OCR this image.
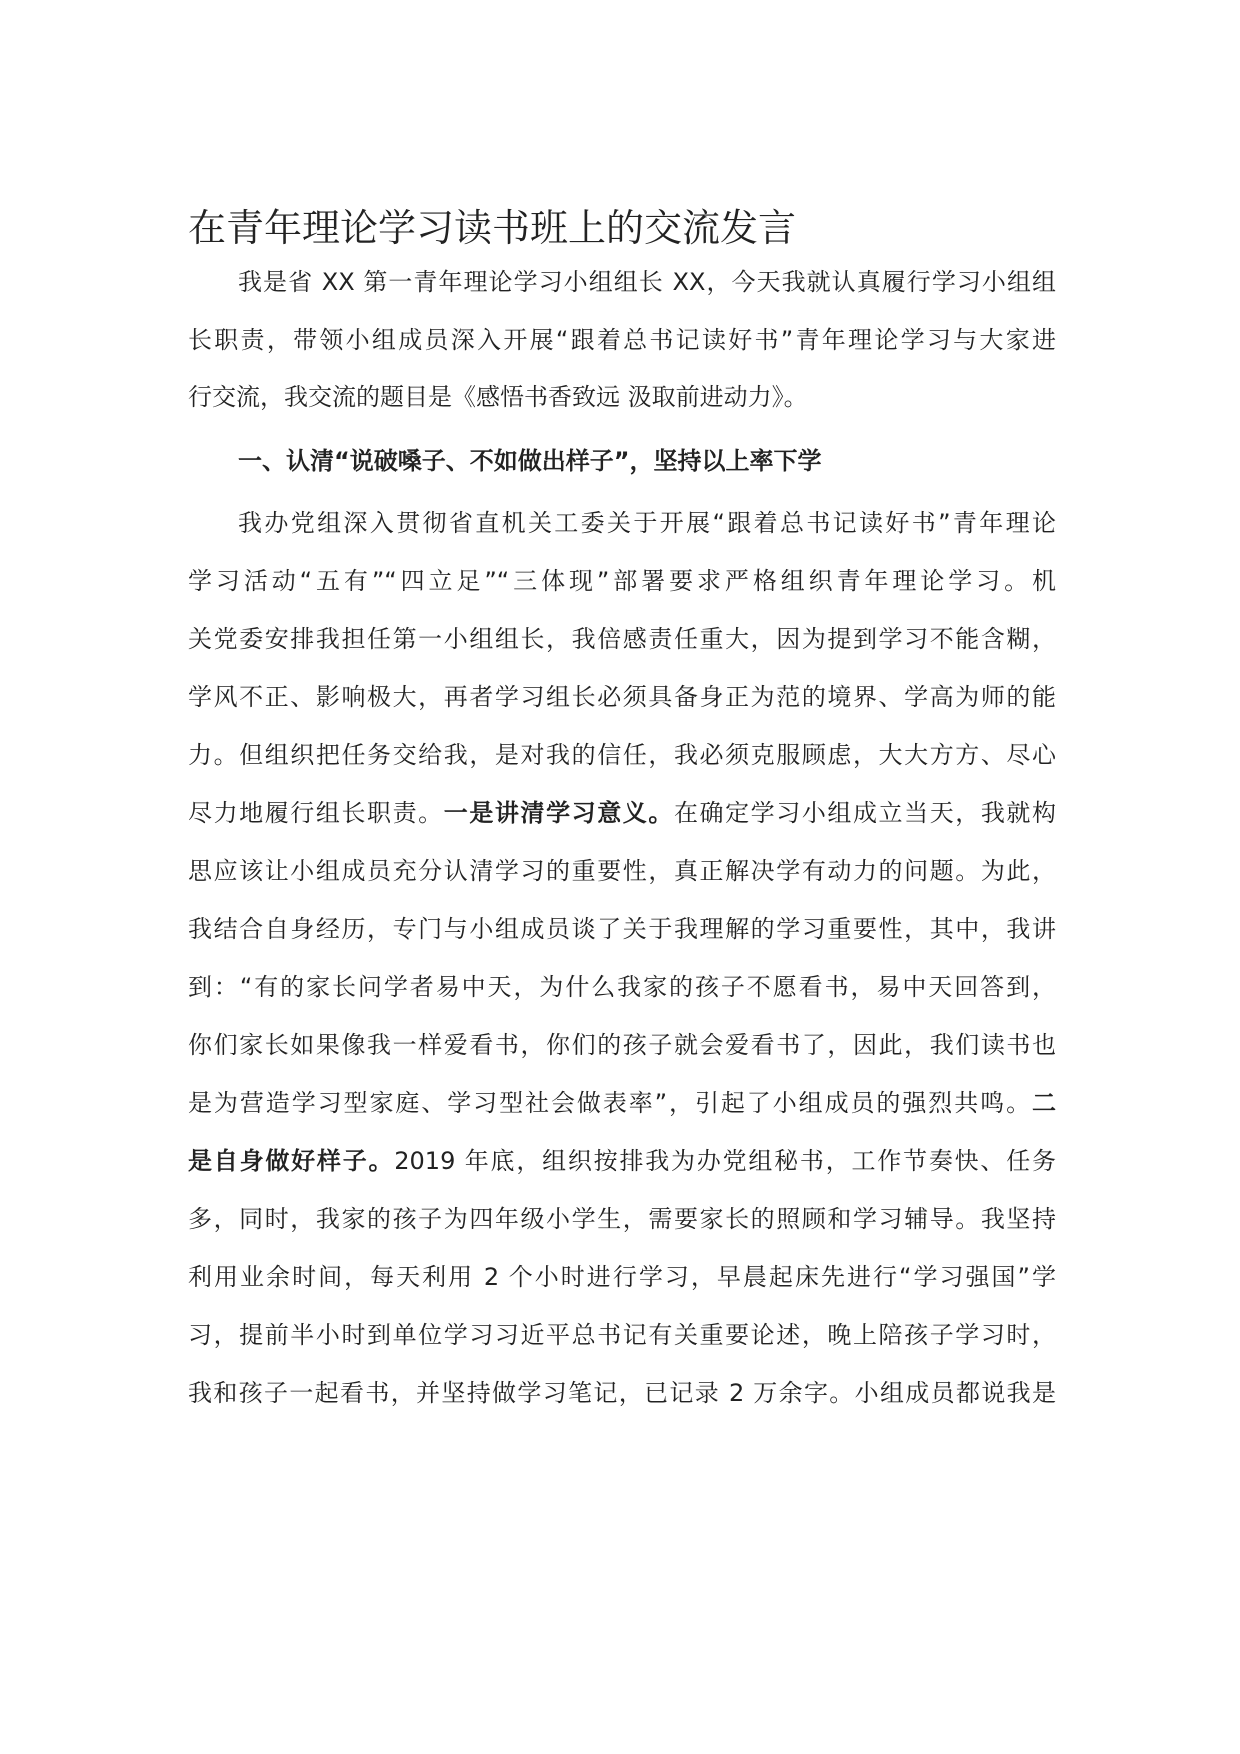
在青年理论学习读书班上的交流发言
我是省 XX 第一青年理论学习小组组长 XX，今天我就认真履行学习小组组
长职责，带领小组成员深入开展“跟着总书记读好书”青年理论学习与大家进
行交流，我交流的题目是《感悟书香致远 汲取前进动力》。
一、认清“说破嗓子、不如做出样子”，坚持以上率下学
我办党组深入贯彻省直机关工委关于开展“跟着总书记读好书”青年理论
学习活动“五有”“四立足”“三体现”部署要求严格组织青年理论学习。机
关党委安排我担任第一小组组长，我倍感责任重大，因为提到学习不能含糊，
学风不正、影响极大，再者学习组长必须具备身正为范的境界、学高为师的能
力。但组织把任务交给我，是对我的信任，我必须克服顾虑，大大方方、尽心
尽力地履行组长职责。一是讲清学习意义。在确定学习小组成立当天，我就构
思应该让小组成员充分认清学习的重要性，真正解决学有动力的问题。为此，
我结合自身经历，专门与小组成员谈了关于我理解的学习重要性，其中，我讲
到：“有的家长问学者易中天，为什么我家的孩子不愿看书，易中天回答到，
你们家长如果像我一样爱看书，你们的孩子就会爱看书了，因此，我们读书也
是为营造学习型家庭、学习型社会做表率”，引起了小组成员的强烈共鸣。二
是自身做好样子。2019 年底，组织按排我为办党组秘书，工作节奏快、任务
多，同时，我家的孩子为四年级小学生，需要家长的照顾和学习辅导。我坚持
利用业余时间，每天利用 2 个小时进行学习，早晨起床先进行“学习强国”学
习，提前半小时到单位学习习近平总书记有关重要论述，晚上陪孩子学习时，
我和孩子一起看书，并坚持做学习笔记，已记录 2 万余字。小组成员都说我是
